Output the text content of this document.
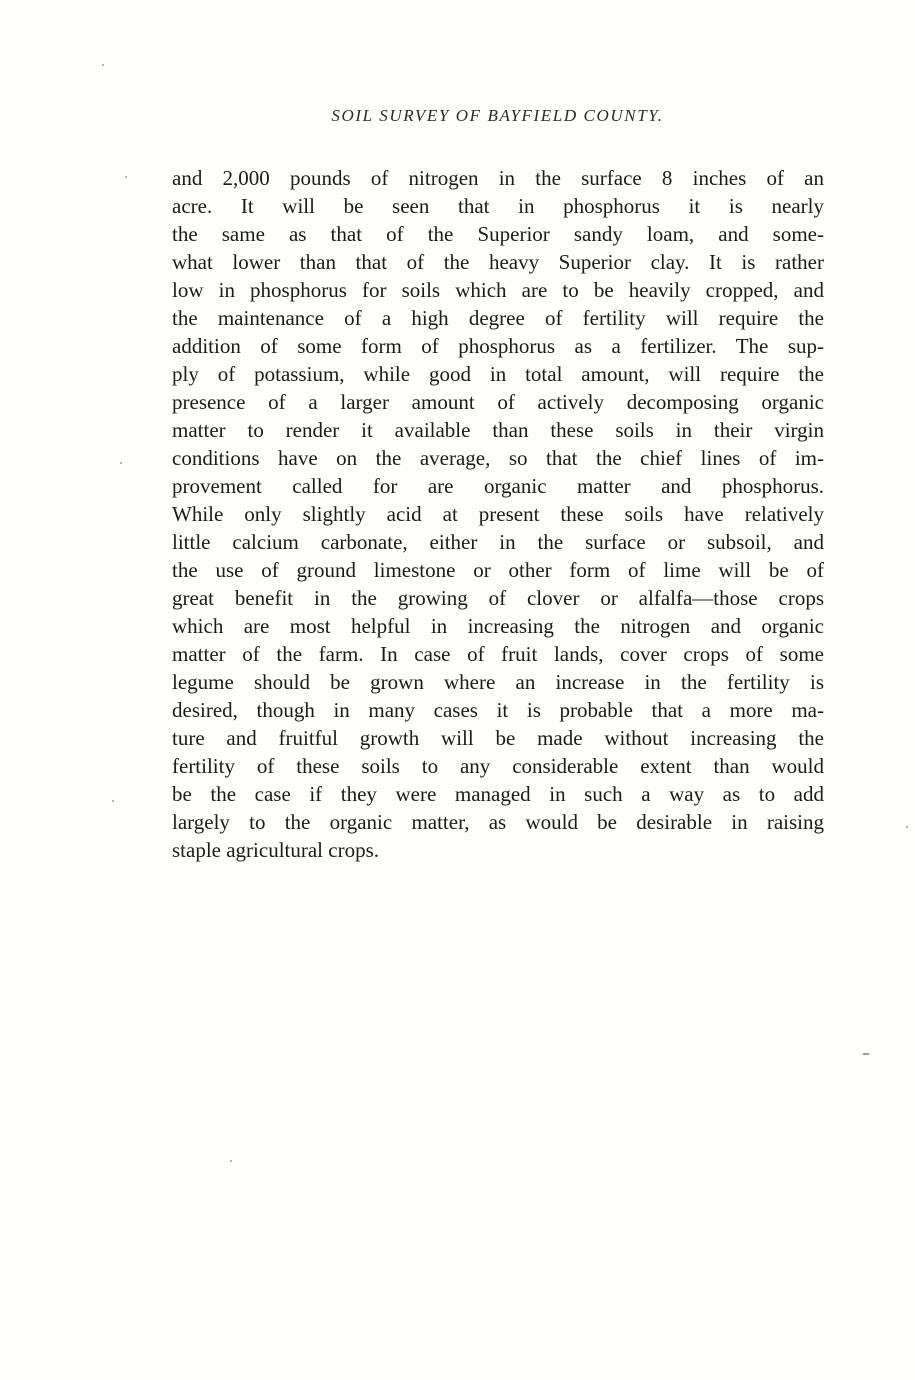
SOIL SURVEY OF BAYFIELD COUNTY.
and 2,000 pounds of nitrogen in the surface 8 inches of an
acre. It will be seen that in phosphorus it is nearly
the same as that of the Superior sandy loam, and some-
what lower than that of the heavy Superior clay. It is rather
low in phosphorus for soils which are to be heavily cropped, and
the maintenance of a high degree of fertility will require the
addition of some form of phosphorus as a fertilizer. The sup-
ply of potassium, while good in total amount, will require the
presence of a larger amount of actively decomposing organic
matter to render it available than these soils in their virgin
conditions have on the average, so that the chief lines of im-
provement called for are organic matter and phosphorus.
While only slightly acid at present these soils have relatively
little calcium carbonate, either in the surface or subsoil, and
the use of ground limestone or other form of lime will be of
great benefit in the growing of clover or alfalfa—those crops
which are most helpful in increasing the nitrogen and organic
matter of the farm. In case of fruit lands, cover crops of some
legume should be grown where an increase in the fertility is
desired, though in many cases it is probable that a more ma-
ture and fruitful growth will be made without increasing the
fertility of these soils to any considerable extent than would
be the case if they were managed in such a way as to add
largely to the organic matter, as would be desirable in raising
staple agricultural crops.
